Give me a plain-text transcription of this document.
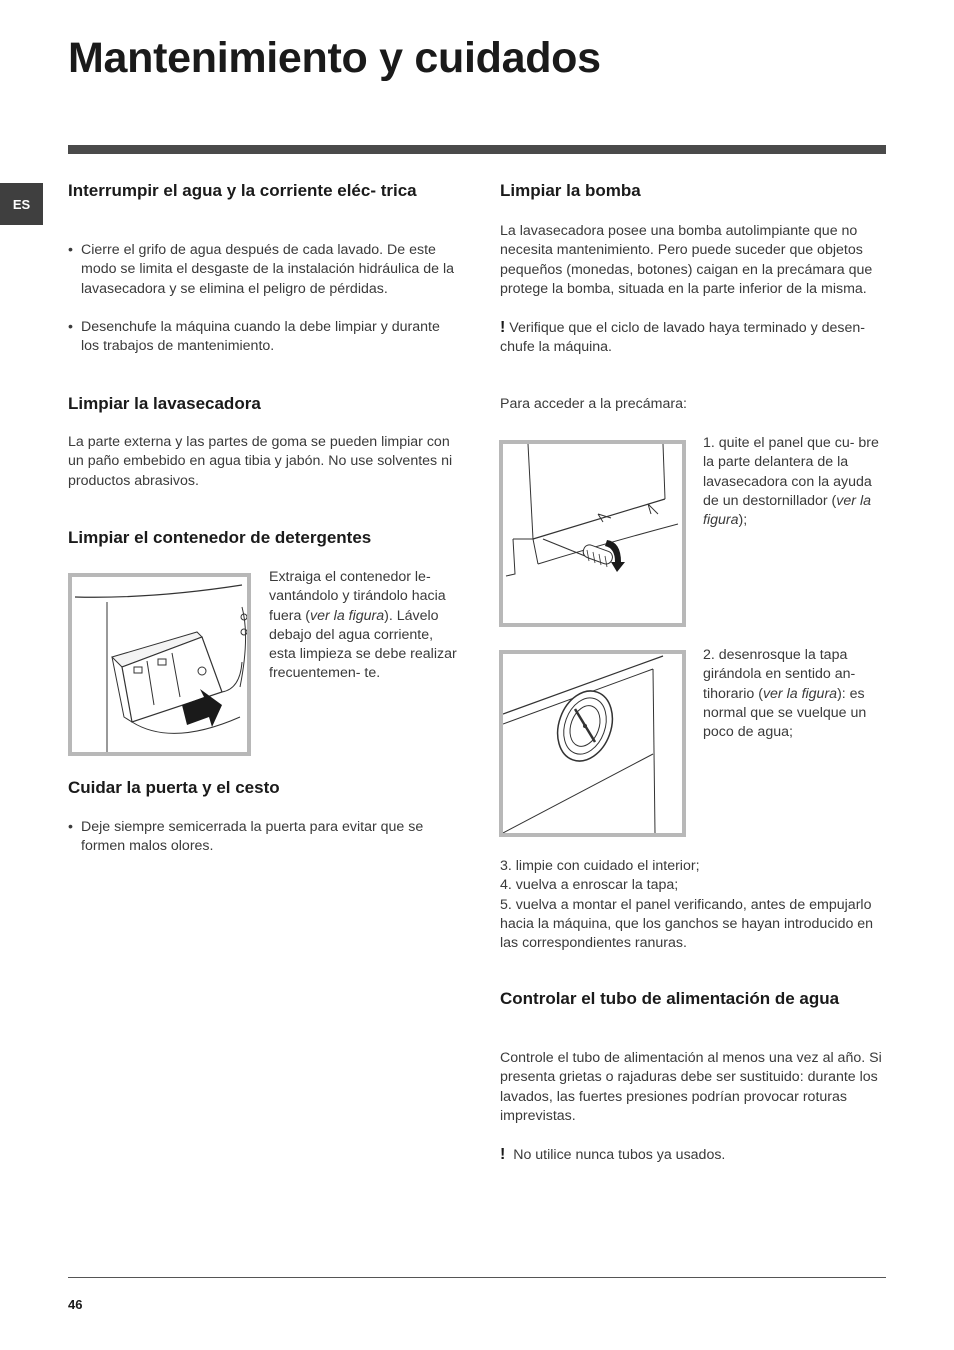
Mantenimiento y cuidados
ES
Interrumpir el agua y la corriente eléc- trica
• Cierre el grifo de agua después de cada lavado. De este modo se limita el desgaste de la instalación hidráulica de la lavasecadora y se elimina el peligro de pérdidas.
• Desenchufe la máquina cuando la debe limpiar y durante los trabajos de mantenimiento.
Limpiar la lavasecadora
La parte externa y las partes de goma se pueden limpiar con un paño embebido en agua tibia y jabón. No use solventes ni productos abrasivos.
Limpiar el contenedor de detergentes
Extraiga el contenedor le- vantándolo y tirándolo hacia fuera (ver la figura). Lávelo debajo del agua corriente, esta limpieza se debe realizar frecuentemen- te.
Cuidar la puerta y el cesto
• Deje siempre semicerrada la puerta para evitar que se formen malos olores.
Limpiar la bomba
La lavasecadora posee una bomba autolimpiante que no necesita mantenimiento. Pero puede suceder que objetos pequeños (monedas, botones) caigan en la precámara que protege la bomba, situada en la parte inferior de la misma.
! Verifique que el ciclo de lavado haya terminado y desen- chufe la máquina.
Para acceder a la precámara:
1. quite el panel que cu- bre la parte delantera de la lavasecadora con la ayuda de un destornillador (ver la figura);
2. desenrosque la tapa girándola en sentido an- tihorario (ver la figura): es normal que se vuelque un poco de agua;
3. limpie con cuidado el interior;
4. vuelva a enroscar la tapa;
5. vuelva a montar el panel verificando, antes de empujarlo hacia la máquina, que los ganchos se hayan introducido en las correspondientes ranuras.
Controlar el tubo de alimentación de agua
Controle el tubo de alimentación al menos una vez al año. Si presenta grietas o rajaduras debe ser sustituido: durante los lavados, las fuertes presiones podrían provocar roturas imprevistas.
! No utilice nunca tubos ya usados.
46
